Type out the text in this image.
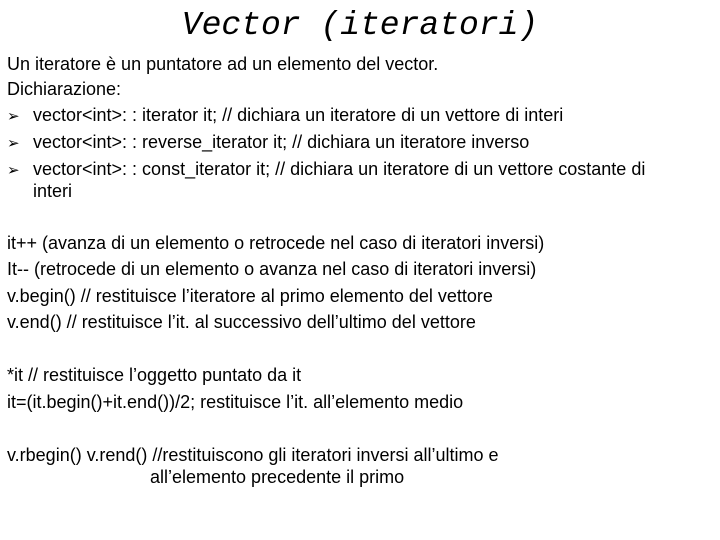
Vector (iteratori)
Un iteratore è un puntatore ad un elemento del vector.
Dichiarazione:
➢ vector<int>: : iterator it; // dichiara un iteratore di un vettore di interi
➢ vector<int>: : reverse_iterator it; // dichiara un iteratore inverso
➢ vector<int>: : const_iterator it; // dichiara un iteratore di un vettore costante di
interi
it++ (avanza di un elemento o retrocede nel caso di iteratori inversi)
It-- (retrocede di un elemento o avanza nel caso di iteratori inversi)
v.begin() // restituisce l’iteratore al primo elemento del vettore
v.end() // restituisce l’it. al successivo dell’ultimo del vettore
*it // restituisce l’oggetto puntato da it
it=(it.begin()+it.end())/2; restituisce l’it. all’elemento medio
v.rbegin() v.rend() //restituiscono gli iteratori inversi all’ultimo e
all’elemento precedente il primo
